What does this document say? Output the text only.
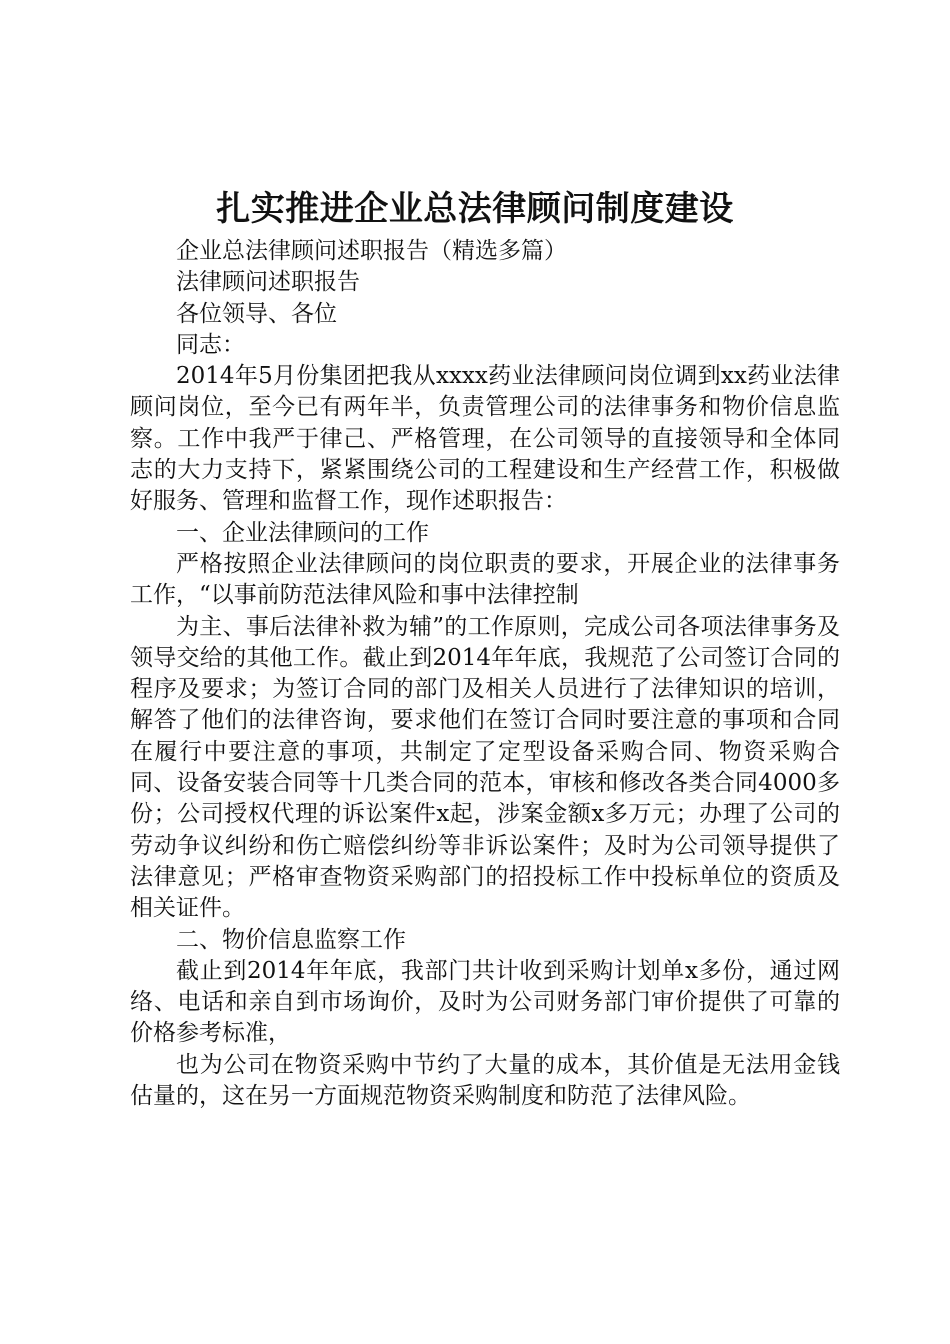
扎实推进企业总法律顾问制度建设

企业总法律顾问述职报告（精选多篇）

法律顾问述职报告

各位领导、各位

同志：

2014年5月份集团把我从xxxx药业法律顾问岗位调到xx药业法律顾问岗位，至今已有两年半，负责管理公司的法律事务和物价信息监察。工作中我严于律己、严格管理，在公司领导的直接领导和全体同志的大力支持下，紧紧围绕公司的工程建设和生产经营工作，积极做好服务、管理和监督工作，现作述职报告：

一、企业法律顾问的工作

严格按照企业法律顾问的岗位职责的要求，开展企业的法律事务工作，“以事前防范法律风险和事中法律控制

为主、事后法律补救为辅”的工作原则，完成公司各项法律事务及领导交给的其他工作。截止到2014年年底，我规范了公司签订合同的程序及要求；为签订合同的部门及相关人员进行了法律知识的培训，解答了他们的法律咨询，要求他们在签订合同时要注意的事项和合同在履行中要注意的事项，共制定了定型设备采购合同、物资采购合同、设备安装合同等十几类合同的范本，审核和修改各类合同4000多份；公司授权代理的诉讼案件x起，涉案金额x多万元；办理了公司的劳动争议纠纷和伤亡赔偿纠纷等非诉讼案件；及时为公司领导提供了法律意见；严格审查物资采购部门的招投标工作中投标单位的资质及相关证件。

二、物价信息监察工作

截止到2014年年底，我部门共计收到采购计划单x多份，通过网络、电话和亲自到市场询价，及时为公司财务部门审价提供了可靠的价格参考标准，

也为公司在物资采购中节约了大量的成本，其价值是无法用金钱估量的，这在另一方面规范物资采购制度和防范了法律风险。
